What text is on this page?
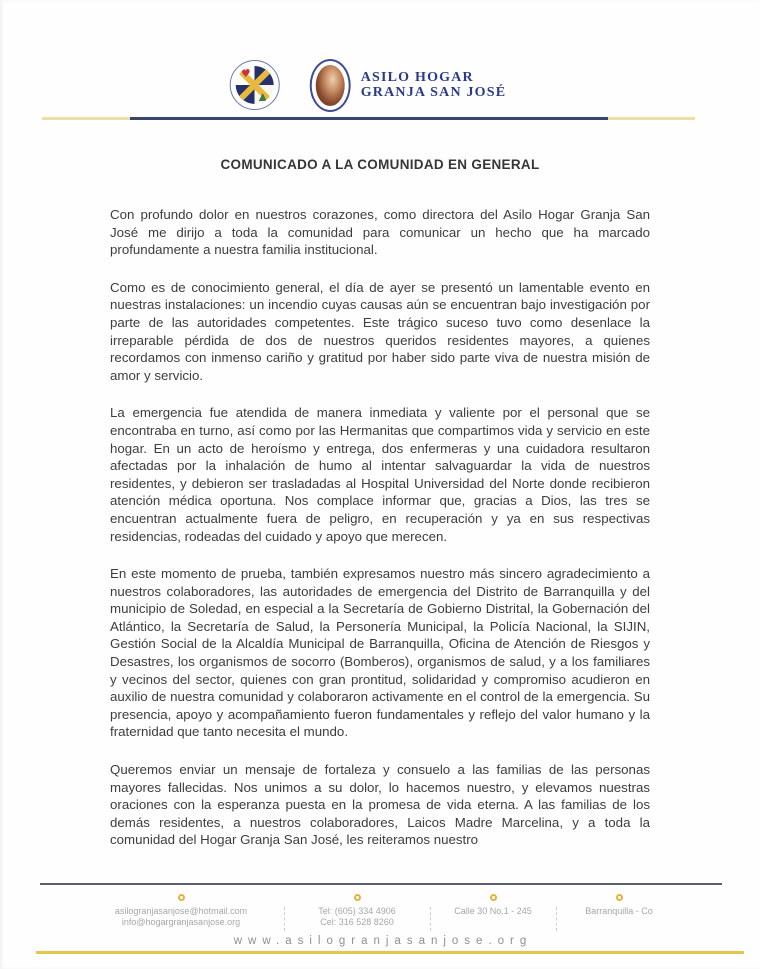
♥	ASILO HOGAR
GRANJA SAN JOSÉ
COMUNICADO A LA COMUNIDAD EN GENERAL

Con profundo dolor en nuestros corazones, como directora del Asilo Hogar Granja San José me dirijo a toda la comunidad para comunicar un hecho que ha marcado profundamente a nuestra familia institucional.

Como es de conocimiento general, el día de ayer se presentó un lamentable evento en nuestras instalaciones: un incendio cuyas causas aún se encuentran bajo investigación por parte de las autoridades competentes. Este trágico suceso tuvo como desenlace la irreparable pérdida de dos de nuestros queridos residentes mayores, a quienes recordamos con inmenso cariño y gratitud por haber sido parte viva de nuestra misión de amor y servicio.

La emergencia fue atendida de manera inmediata y valiente por el personal que se encontraba en turno, así como por las Hermanitas que compartimos vida y servicio en este hogar. En un acto de heroísmo y entrega, dos enfermeras y una cuidadora resultaron afectadas por la inhalación de humo al intentar salvaguardar la vida de nuestros residentes, y debieron ser trasladadas al Hospital Universidad del Norte donde recibieron atención médica oportuna. Nos complace informar que, gracias a Dios, las tres se encuentran actualmente fuera de peligro, en recuperación y ya en sus respectivas residencias, rodeadas del cuidado y apoyo que merecen.

En este momento de prueba, también expresamos nuestro más sincero agradecimiento a nuestros colaboradores, las autoridades de emergencia del Distrito de Barranquilla y del municipio de Soledad, en especial a la Secretaría de Gobierno Distrital, la Gobernación del Atlántico, la Secretaría de Salud, la Personería Municipal, la Policía Nacional, la SIJIN, Gestión Social de la Alcaldía Municipal de Barranquilla, Oficina de Atención de Riesgos y Desastres, los organismos de socorro (Bomberos), organismos de salud, y a los familiares y vecinos del sector, quienes con gran prontitud, solidaridad y compromiso acudieron en auxilio de nuestra comunidad y colaboraron activamente en el control de la emergencia. Su presencia, apoyo y acompañamiento fueron fundamentales y reflejo del valor humano y la fraternidad que tanto necesita el mundo.

Queremos enviar un mensaje de fortaleza y consuelo a las familias de las personas mayores fallecidas. Nos unimos a su dolor, lo hacemos nuestro, y elevamos nuestras oraciones con la esperanza puesta en la promesa de vida eterna. A las familias de los demás residentes, a nuestros colaboradores, Laicos Madre Marcelina, y a toda la comunidad del Hogar Granja San José, les reiteramos nuestro

asilogranjasanjose@hotmail.com
info@hogargranjasanjose.org
Tel: (605) 334 4906
Cel: 316 528 8260
Calle 30 No.1 - 245	Barranquilla - Co
www.asilogranjasanjose.org
